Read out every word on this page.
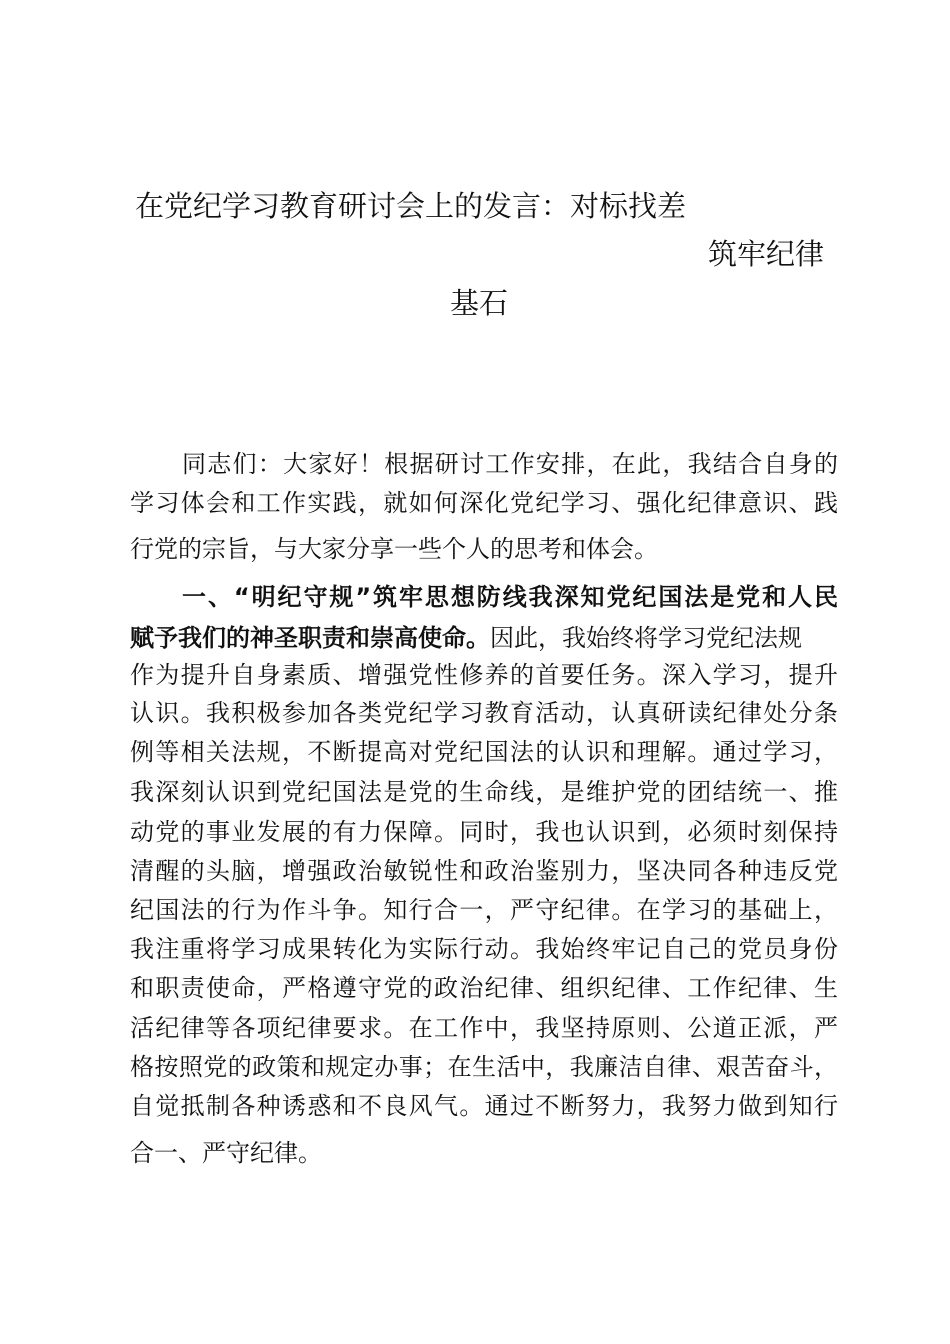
在党纪学习教育研讨会上的发言：对标找差
筑牢纪律
基石
同志们：大家好！根据研讨工作安排，在此，我结合自身的
学习体会和工作实践，就如何深化党纪学习、强化纪律意识、践
行党的宗旨，与大家分享一些个人的思考和体会。
一、“明纪守规”筑牢思想防线我深知党纪国法是党和人民
赋予我们的神圣职责和崇高使命。因此，我始终将学习党纪法规
作为提升自身素质、增强党性修养的首要任务。深入学习，提升
认识。我积极参加各类党纪学习教育活动，认真研读纪律处分条
例等相关法规，不断提高对党纪国法的认识和理解。通过学习，
我深刻认识到党纪国法是党的生命线，是维护党的团结统一、推
动党的事业发展的有力保障。同时，我也认识到，必须时刻保持
清醒的头脑，增强政治敏锐性和政治鉴别力，坚决同各种违反党
纪国法的行为作斗争。知行合一，严守纪律。在学习的基础上，
我注重将学习成果转化为实际行动。我始终牢记自己的党员身份
和职责使命，严格遵守党的政治纪律、组织纪律、工作纪律、生
活纪律等各项纪律要求。在工作中，我坚持原则、公道正派，严
格按照党的政策和规定办事；在生活中，我廉洁自律、艰苦奋斗，
自觉抵制各种诱惑和不良风气。通过不断努力，我努力做到知行
合一、严守纪律。
